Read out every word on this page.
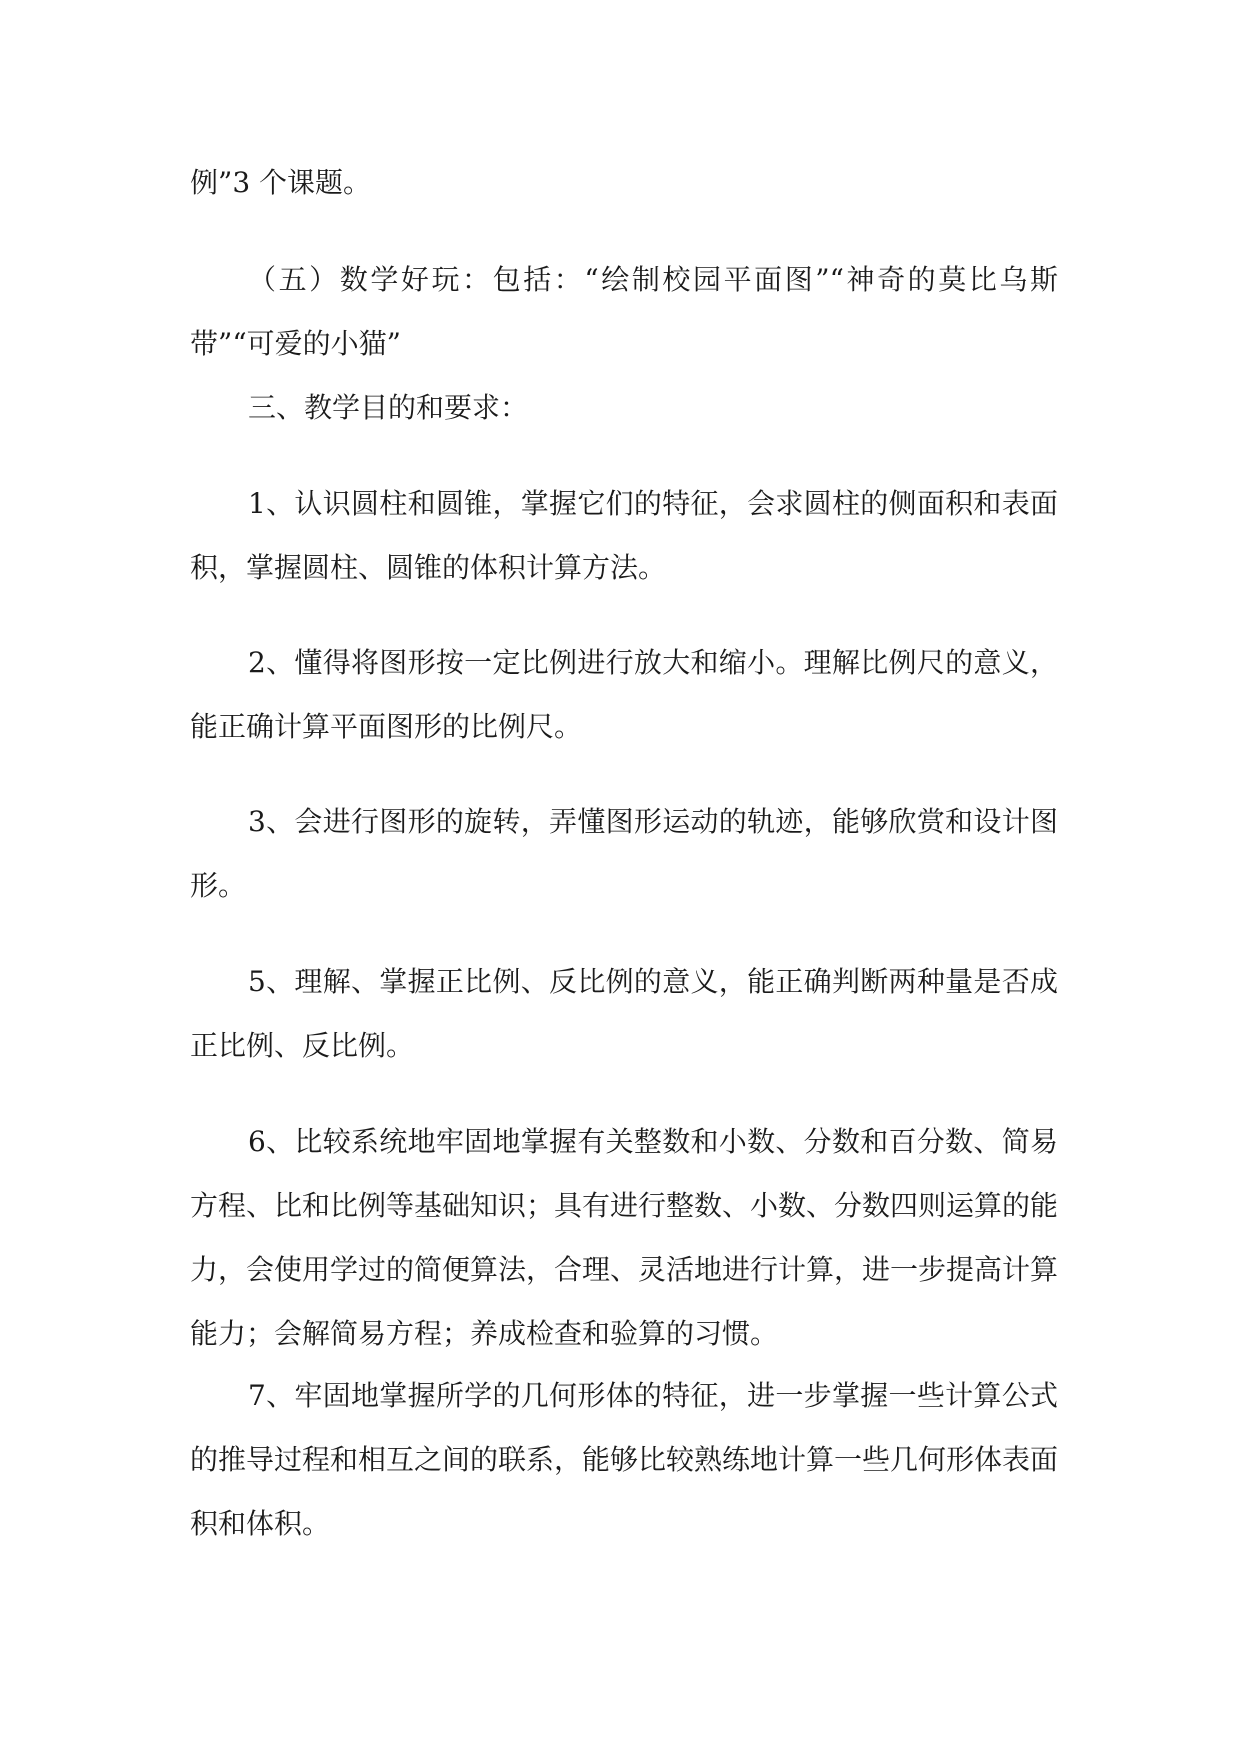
例”3 个课题。

（五）数学好玩：包括：“绘制校园平面图”“神奇的莫比乌斯带”“可爱的小猫”

三、教学目的和要求：

1、认识圆柱和圆锥，掌握它们的特征，会求圆柱的侧面积和表面积，掌握圆柱、圆锥的体积计算方法。

2、懂得将图形按一定比例进行放大和缩小。理解比例尺的意义，能正确计算平面图形的比例尺。

3、会进行图形的旋转，弄懂图形运动的轨迹，能够欣赏和设计图形。

5、理解、掌握正比例、反比例的意义，能正确判断两种量是否成正比例、反比例。

6、比较系统地牢固地掌握有关整数和小数、分数和百分数、简易方程、比和比例等基础知识；具有进行整数、小数、分数四则运算的能力，会使用学过的简便算法，合理、灵活地进行计算，进一步提高计算能力；会解简易方程；养成检查和验算的习惯。

7、牢固地掌握所学的几何形体的特征，进一步掌握一些计算公式的推导过程和相互之间的联系，能够比较熟练地计算一些几何形体表面积和体积。
